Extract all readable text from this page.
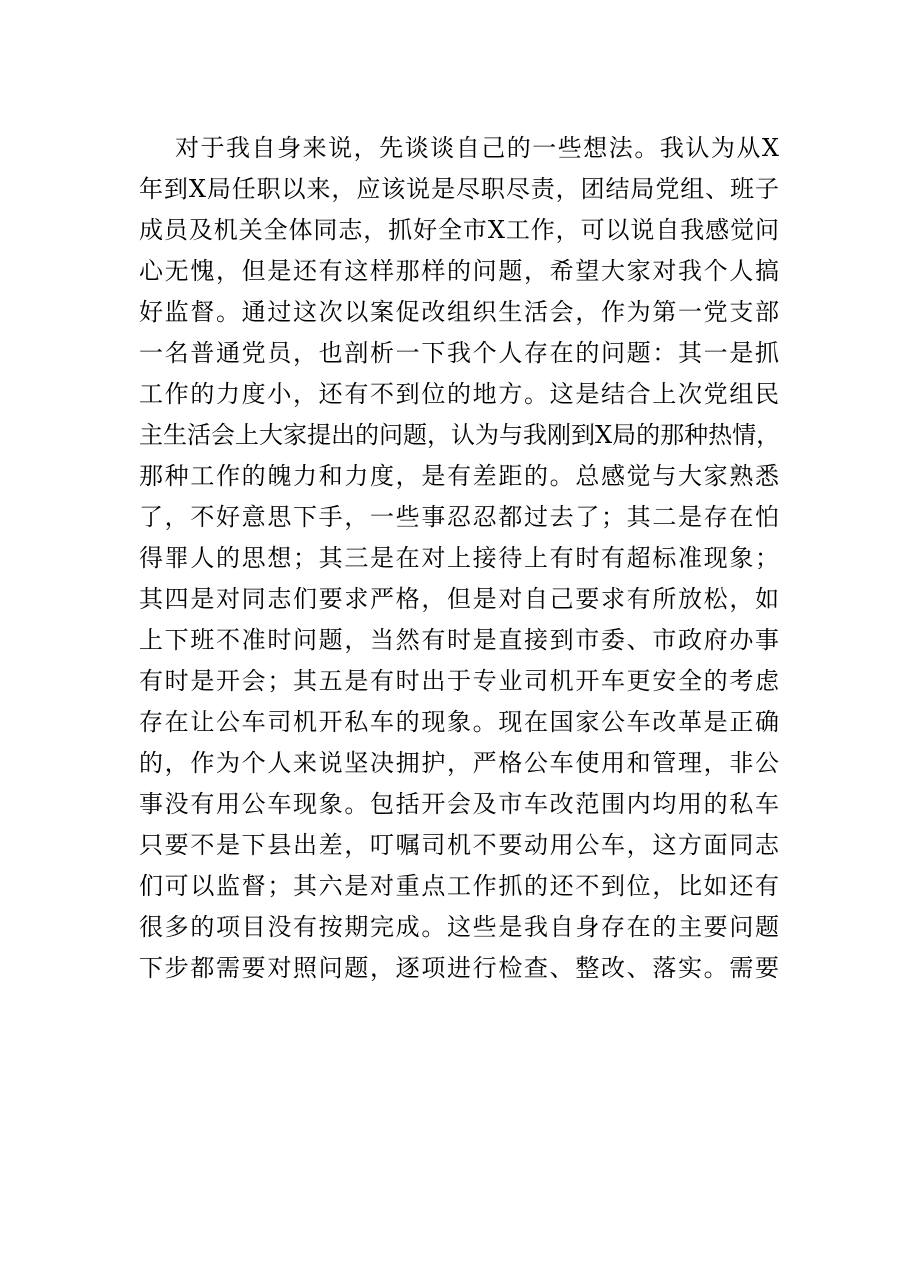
对于我自身来说，先谈谈自己的一些想法。我认为从X
年到X局任职以来，应该说是尽职尽责，团结局党组、班子
成员及机关全体同志，抓好全市X工作，可以说自我感觉问
心无愧，但是还有这样那样的问题，希望大家对我个人搞
好监督。通过这次以案促改组织生活会，作为第一党支部
一名普通党员，也剖析一下我个人存在的问题：其一是抓
工作的力度小，还有不到位的地方。这是结合上次党组民
主生活会上大家提出的问题，认为与我刚到X局的那种热情，
那种工作的魄力和力度，是有差距的。总感觉与大家熟悉
了，不好意思下手，一些事忍忍都过去了；其二是存在怕
得罪人的思想；其三是在对上接待上有时有超标准现象；
其四是对同志们要求严格，但是对自己要求有所放松，如
上下班不准时问题，当然有时是直接到市委、市政府办事
有时是开会；其五是有时出于专业司机开车更安全的考虑
存在让公车司机开私车的现象。现在国家公车改革是正确
的，作为个人来说坚决拥护，严格公车使用和管理，非公
事没有用公车现象。包括开会及市车改范围内均用的私车
只要不是下县出差，叮嘱司机不要动用公车，这方面同志
们可以监督；其六是对重点工作抓的还不到位，比如还有
很多的项目没有按期完成。这些是我自身存在的主要问题
下步都需要对照问题，逐项进行检查、整改、落实。需要
